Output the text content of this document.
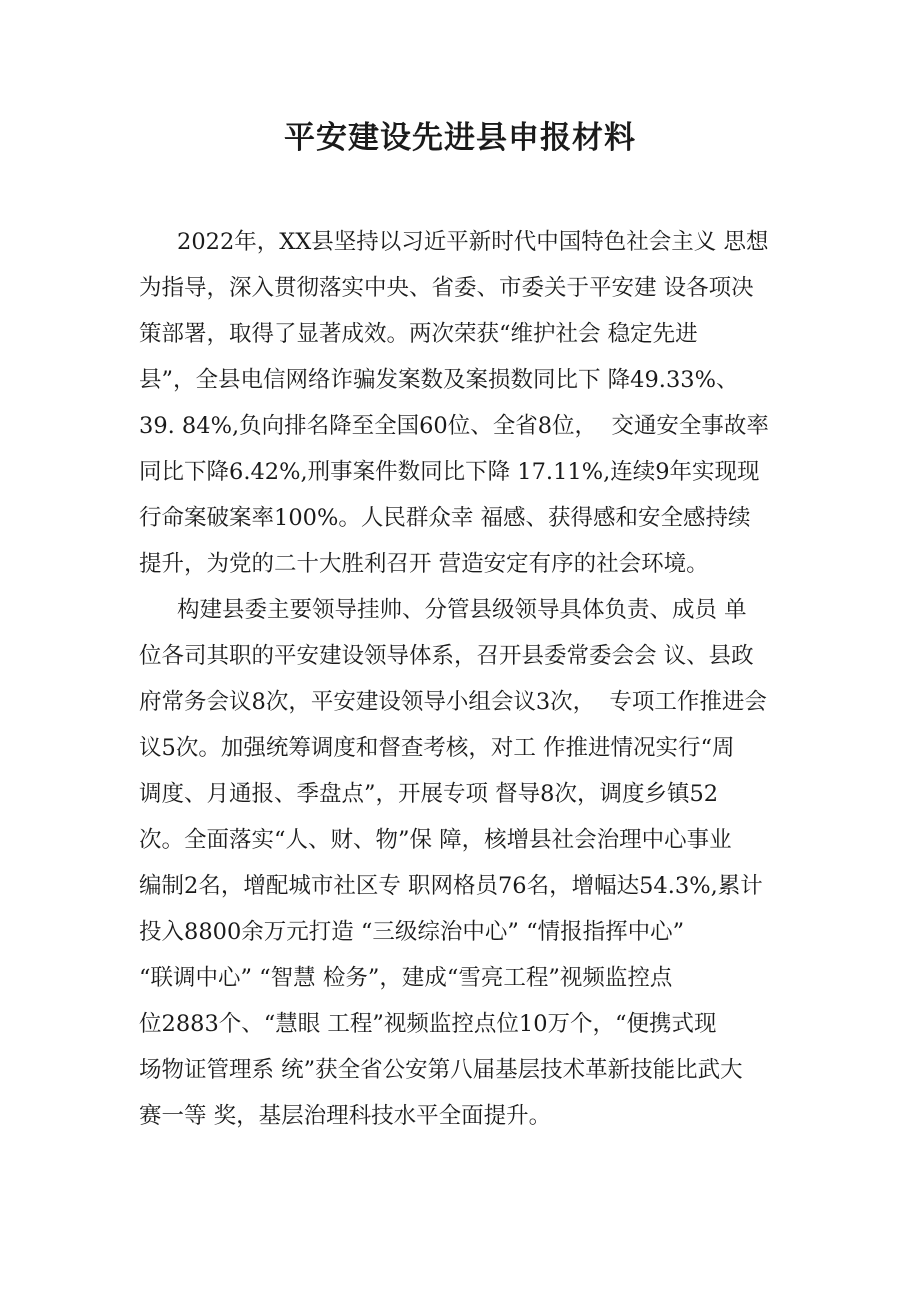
平安建设先进县申报材料
2022年，XX县坚持以习近平新时代中国特色社会主义 思想
为指导，深入贯彻落实中央、省委、市委关于平安建 设各项决
策部署，取得了显著成效。两次荣获“维护社会 稳定先进
县”，全县电信网络诈骗发案数及案损数同比下 降49.33%、
39. 84%,负向排名降至全国60位、全省8位，  交通安全事故率
同比下降6.42%,刑事案件数同比下降 17.11%,连续9年实现现
行命案破案率100%。人民群众幸 福感、获得感和安全感持续
提升，为党的二十大胜利召开 营造安定有序的社会环境。
构建县委主要领导挂帅、分管县级领导具体负责、成员 单
位各司其职的平安建设领导体系，召开县委常委会会 议、县政
府常务会议8次，平安建设领导小组会议3次，  专项工作推进会
议5次。加强统筹调度和督查考核，对工 作推进情况实行“周
调度、月通报、季盘点”，开展专项 督导8次，调度乡镇52
次。全面落实“人、财、物”保 障，核增县社会治理中心事业
编制2名，增配城市社区专 职网格员76名，增幅达54.3%,累计
投入8800余万元打造 “三级综治中心” “情报指挥中心”
“联调中心” “智慧 检务”，建成“雪亮工程”视频监控点
位2883个、“慧眼 工程”视频监控点位10万个，“便携式现
场物证管理系 统”获全省公安第八届基层技术革新技能比武大
赛一等 奖，基层治理科技水平全面提升。
